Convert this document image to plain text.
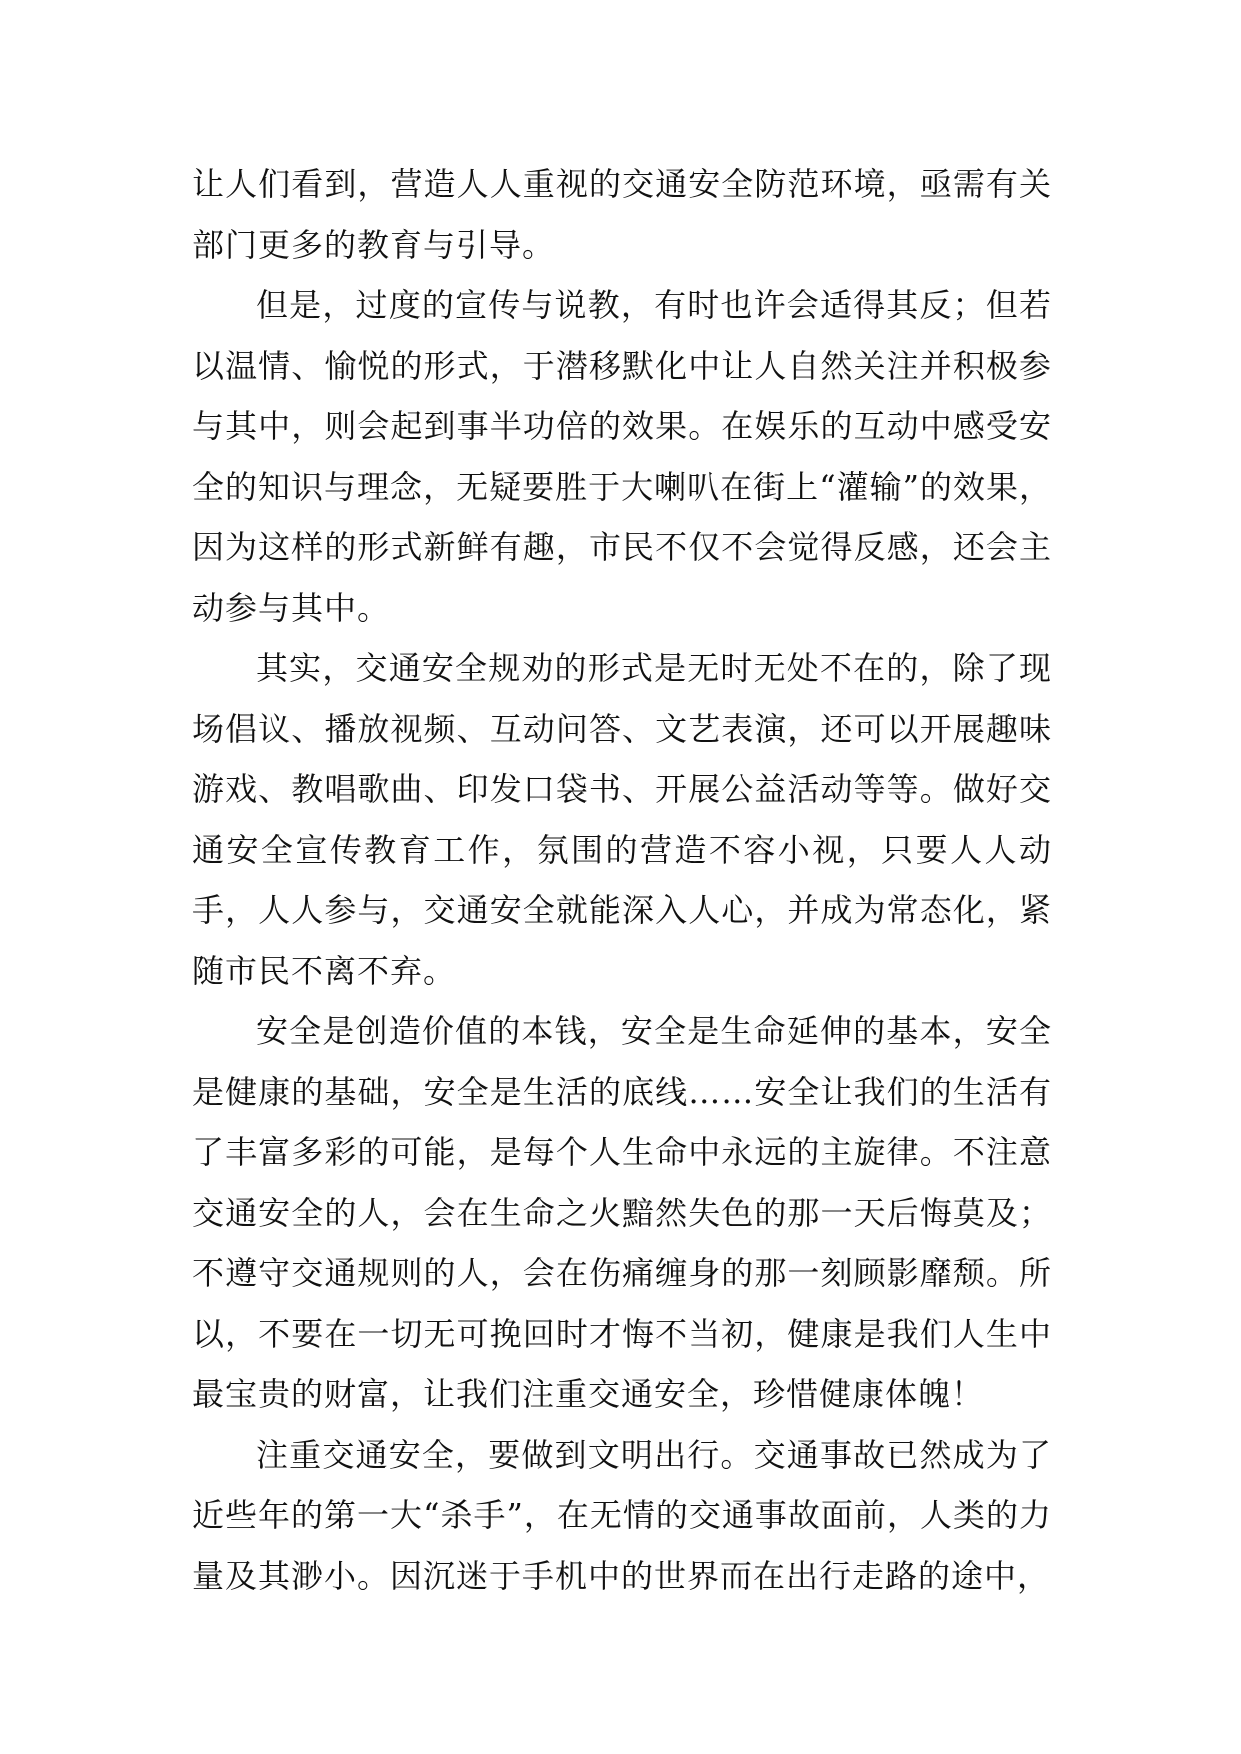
让人们看到，营造人人重视的交通安全防范环境，亟需有关部门更多的教育与引导。

但是，过度的宣传与说教，有时也许会适得其反；但若以温情、愉悦的形式，于潜移默化中让人自然关注并积极参与其中，则会起到事半功倍的效果。在娱乐的互动中感受安全的知识与理念，无疑要胜于大喇叭在街上“灌输”的效果，因为这样的形式新鲜有趣，市民不仅不会觉得反感，还会主动参与其中。

其实，交通安全规劝的形式是无时无处不在的，除了现场倡议、播放视频、互动问答、文艺表演，还可以开展趣味游戏、教唱歌曲、印发口袋书、开展公益活动等等。做好交通安全宣传教育工作，氛围的营造不容小视，只要人人动手，人人参与，交通安全就能深入人心，并成为常态化，紧随市民不离不弃。

安全是创造价值的本钱，安全是生命延伸的基本，安全是健康的基础，安全是生活的底线……安全让我们的生活有了丰富多彩的可能，是每个人生命中永远的主旋律。不注意交通安全的人，会在生命之火黯然失色的那一天后悔莫及；不遵守交通规则的人，会在伤痛缠身的那一刻顾影靡颓。所以，不要在一切无可挽回时才悔不当初，健康是我们人生中最宝贵的财富，让我们注重交通安全，珍惜健康体魄！

注重交通安全，要做到文明出行。交通事故已然成为了近些年的第一大“杀手”，在无情的交通事故面前，人类的力量及其渺小。因沉迷于手机中的世界而在出行走路的途中，
